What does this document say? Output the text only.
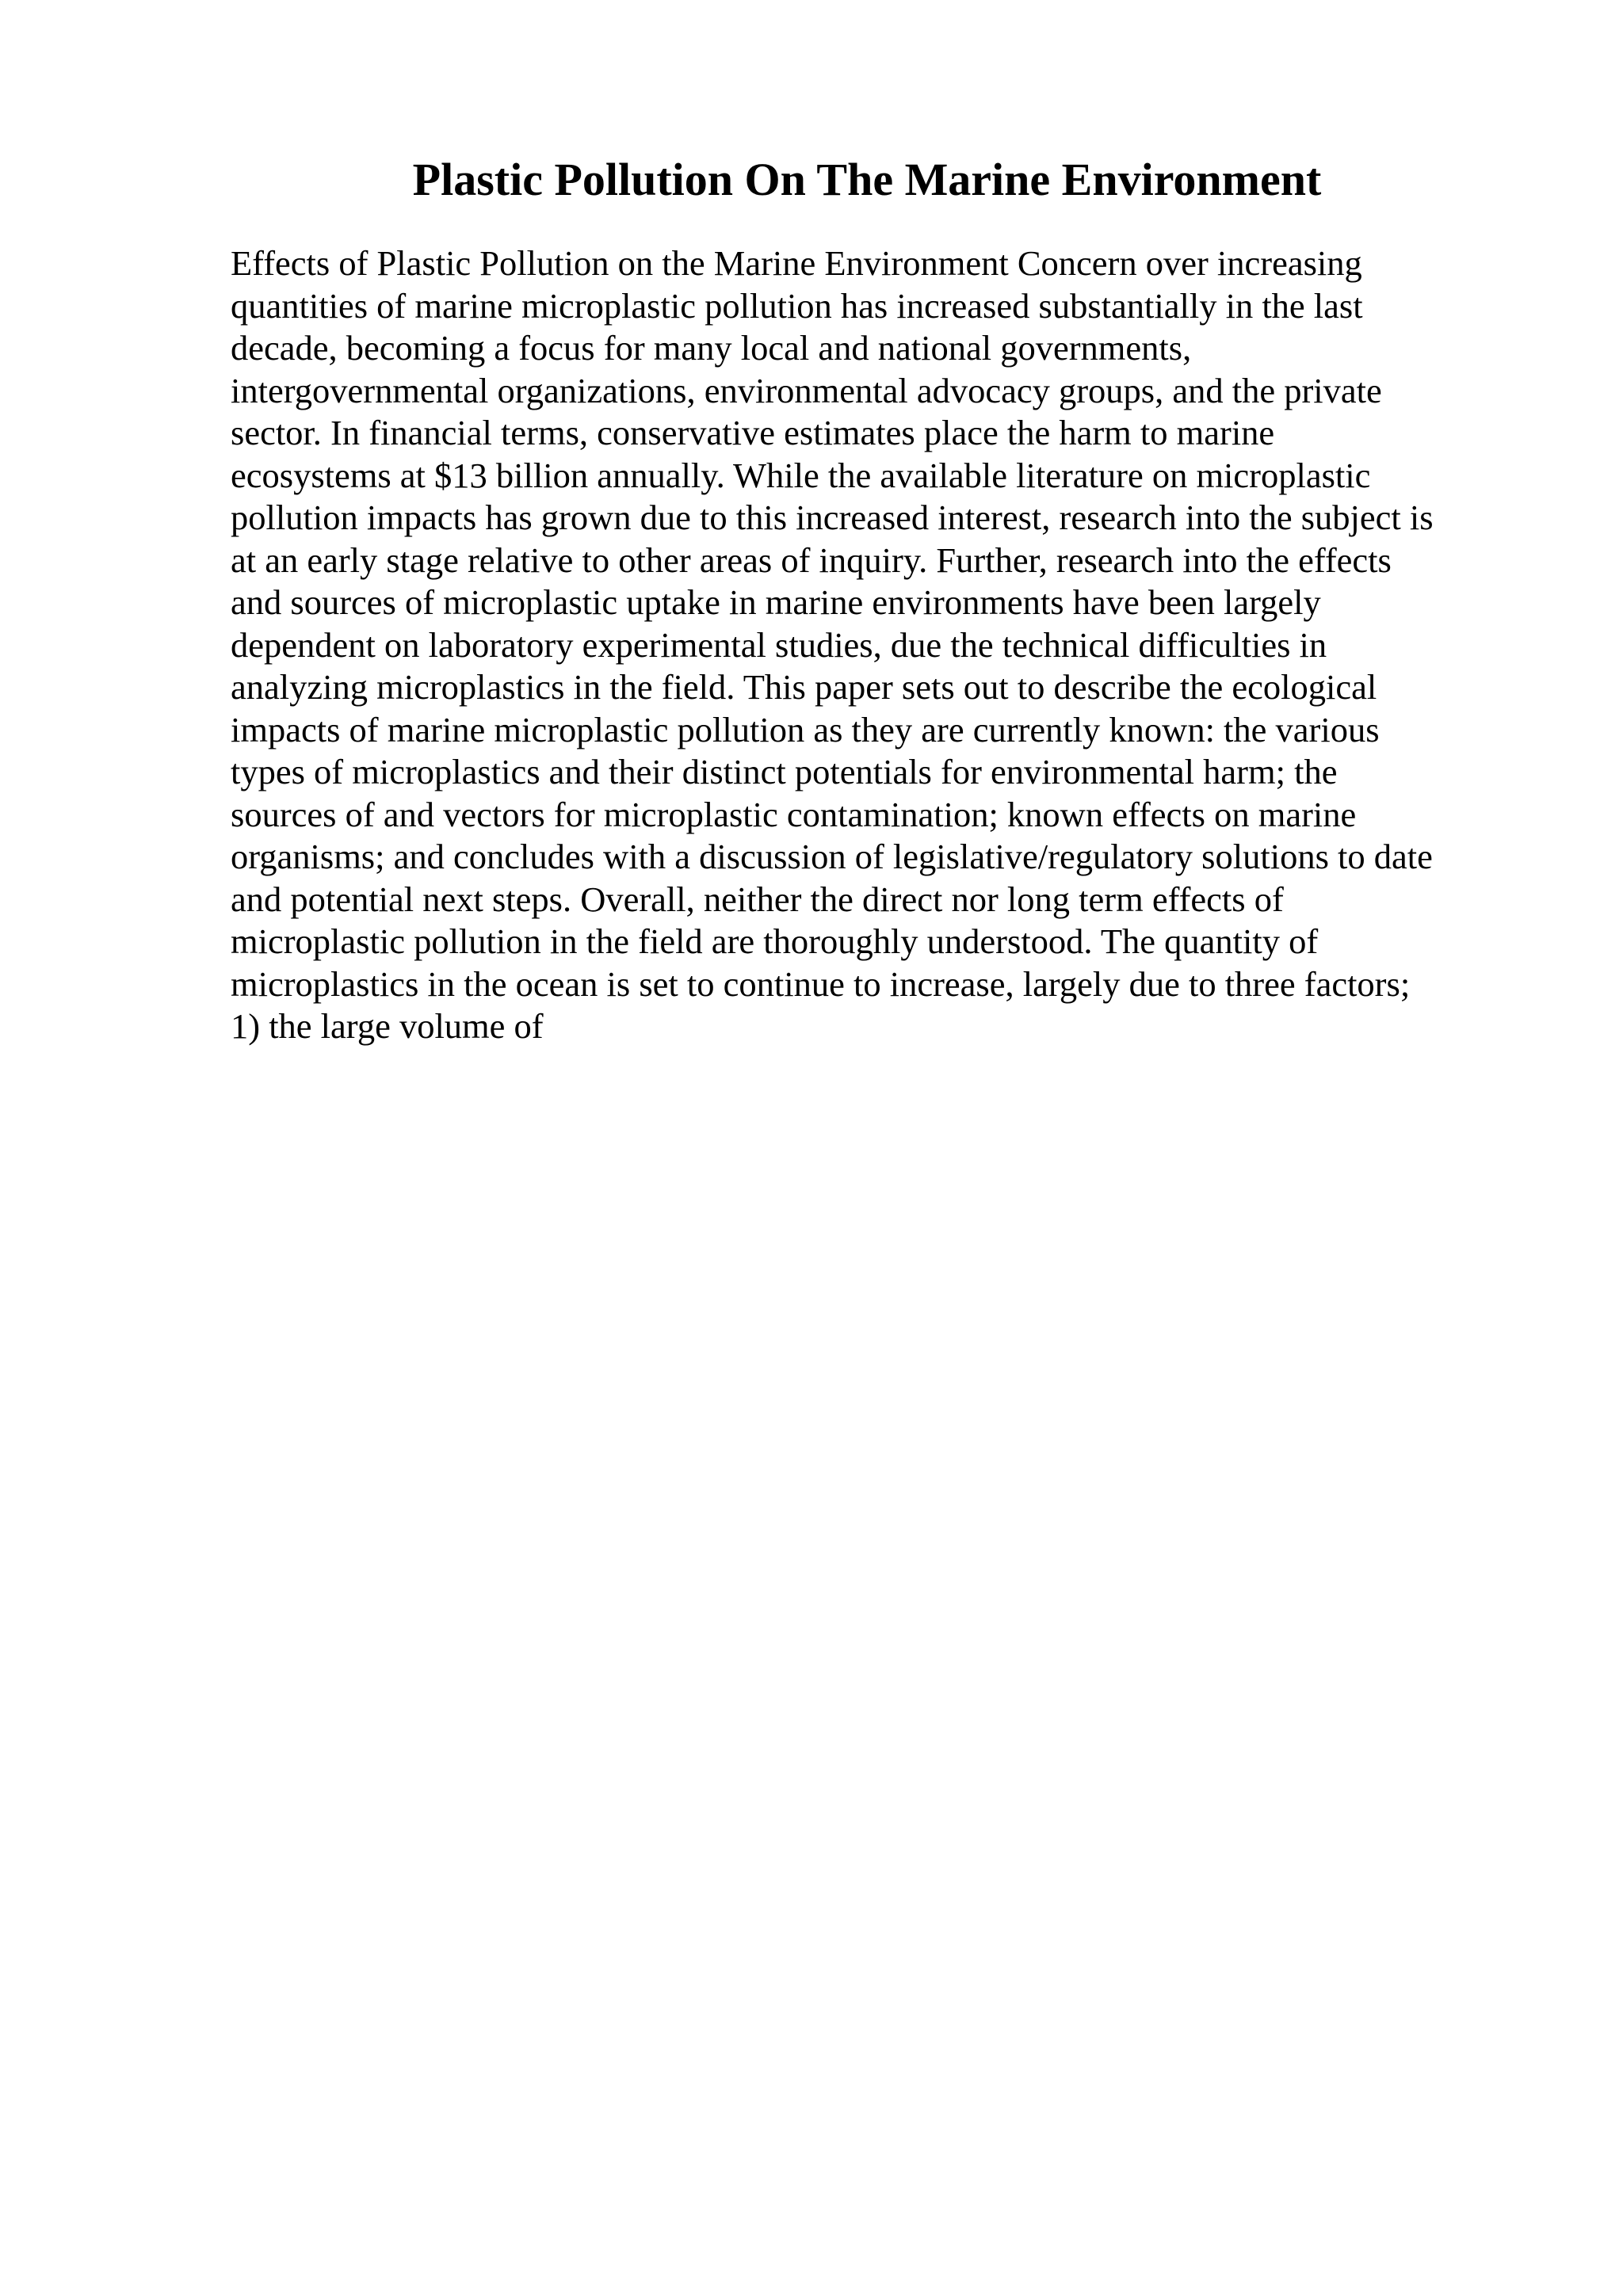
Plastic Pollution On The Marine Environment
Effects of Plastic Pollution on the Marine Environment Concern over increasing
quantities of marine microplastic pollution has increased substantially in the last
decade, becoming a focus for many local and national governments,
intergovernmental organizations, environmental advocacy groups, and the private
sector. In financial terms, conservative estimates place the harm to marine
ecosystems at $13 billion annually. While the available literature on microplastic
pollution impacts has grown due to this increased interest, research into the subject is
at an early stage relative to other areas of inquiry. Further, research into the effects
and sources of microplastic uptake in marine environments have been largely
dependent on laboratory experimental studies, due the technical difficulties in
analyzing microplastics in the field. This paper sets out to describe the ecological
impacts of marine microplastic pollution as they are currently known: the various
types of microplastics and their distinct potentials for environmental harm; the
sources of and vectors for microplastic contamination; known effects on marine
organisms; and concludes with a discussion of legislative/regulatory solutions to date
and potential next steps. Overall, neither the direct nor long term effects of
microplastic pollution in the field are thoroughly understood. The quantity of
microplastics in the ocean is set to continue to increase, largely due to three factors;
1) the large volume of
